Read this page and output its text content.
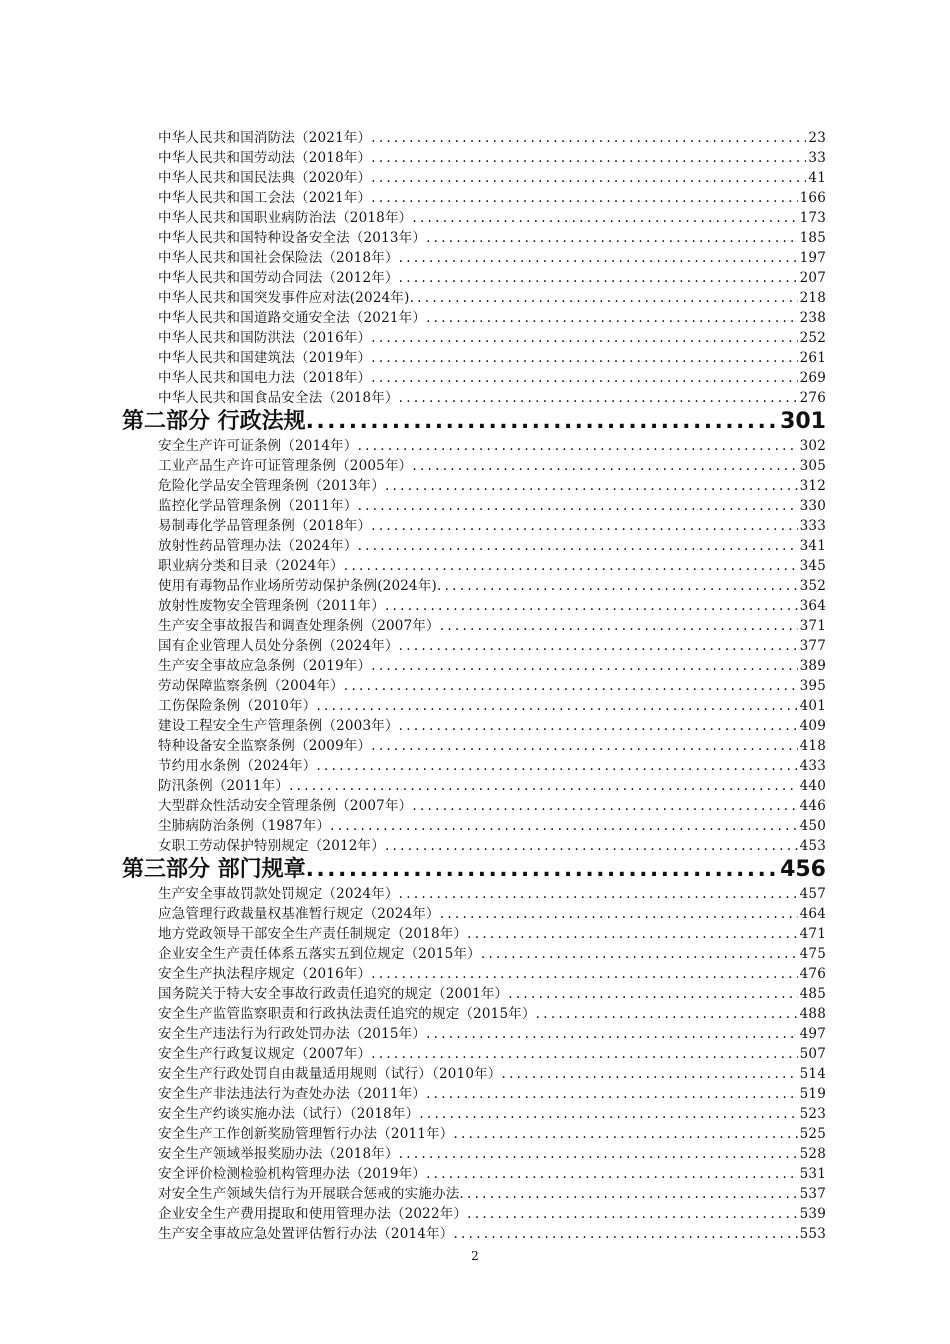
中华人民共和国消防法（2021年） . . .	23
中华人民共和国劳动法（2018年） . . .	33
中华人民共和国民法典（2020年） . . .	41
中华人民共和国工会法（2021年） . . .	166
中华人民共和国职业病防治法（2018年） . . .	173
中华人民共和国特种设备安全法（2013年） . . .	185
中华人民共和国社会保险法（2018年） . . .	197
中华人民共和国劳动合同法（2012年） . . .	207
中华人民共和国突发事件应对法(2024年) . . .	218
中华人民共和国道路交通安全法（2021年） . . .	238
中华人民共和国防洪法（2016年） . . .	252
中华人民共和国建筑法（2019年） . . .	261
中华人民共和国电力法（2018年） . . .	269
中华人民共和国食品安全法（2018年） . . .	276
第二部分 行政法规 .....	301
安全生产许可证条例（2014年） . . .	302
工业产品生产许可证管理条例（2005年） . . .	305
危险化学品安全管理条例（2013年） . . .	312
监控化学品管理条例（2011年） . . .	330
易制毒化学品管理条例（2018年） . . .	333
放射性药品管理办法（2024年） . . .	341
职业病分类和目录（2024年） . . .	345
使用有毒物品作业场所劳动保护条例(2024年) . . .	352
放射性废物安全管理条例（2011年） . . .	364
生产安全事故报告和调查处理条例（2007年） . . .	371
国有企业管理人员处分条例（2024年） . . .	377
生产安全事故应急条例（2019年） . . .	389
劳动保障监察条例（2004年） . . .	395
工伤保险条例（2010年） . . .	401
建设工程安全生产管理条例（2003年） . . .	409
特种设备安全监察条例（2009年） . . .	418
节约用水条例（2024年） . . .	433
防汛条例（2011年） . . .	440
大型群众性活动安全管理条例（2007年） . . .	446
尘肺病防治条例（1987年） . . .	450
女职工劳动保护特别规定（2012年） . . .	453
第三部分 部门规章 .....	456
生产安全事故罚款处罚规定（2024年） . . .	457
应急管理行政裁量权基准暂行规定（2024年） . . .	464
地方党政领导干部安全生产责任制规定（2018年） . . .	471
企业安全生产责任体系五落实五到位规定（2015年） . . .	475
安全生产执法程序规定（2016年） . . .	476
国务院关于特大安全事故行政责任追究的规定（2001年） . . .	485
安全生产监管监察职责和行政执法责任追究的规定（2015年） . . .	488
安全生产违法行为行政处罚办法（2015年） . . .	497
安全生产行政复议规定（2007年） . . .	507
安全生产行政处罚自由裁量适用规则（试行）（2010年） . . .	514
安全生产非法违法行为查处办法（2011年） . . .	519
安全生产约谈实施办法（试行）（2018年） . . .	523
安全生产工作创新奖励管理暂行办法（2011年） . . .	525
安全生产领域举报奖励办法（2018年） . . .	528
安全评价检测检验机构管理办法（2019年） . . .	531
对安全生产领域失信行为开展联合惩戒的实施办法 . . .	537
企业安全生产费用提取和使用管理办法（2022年） . . .	539
生产安全事故应急处置评估暂行办法（2014年） . . .	553
2
